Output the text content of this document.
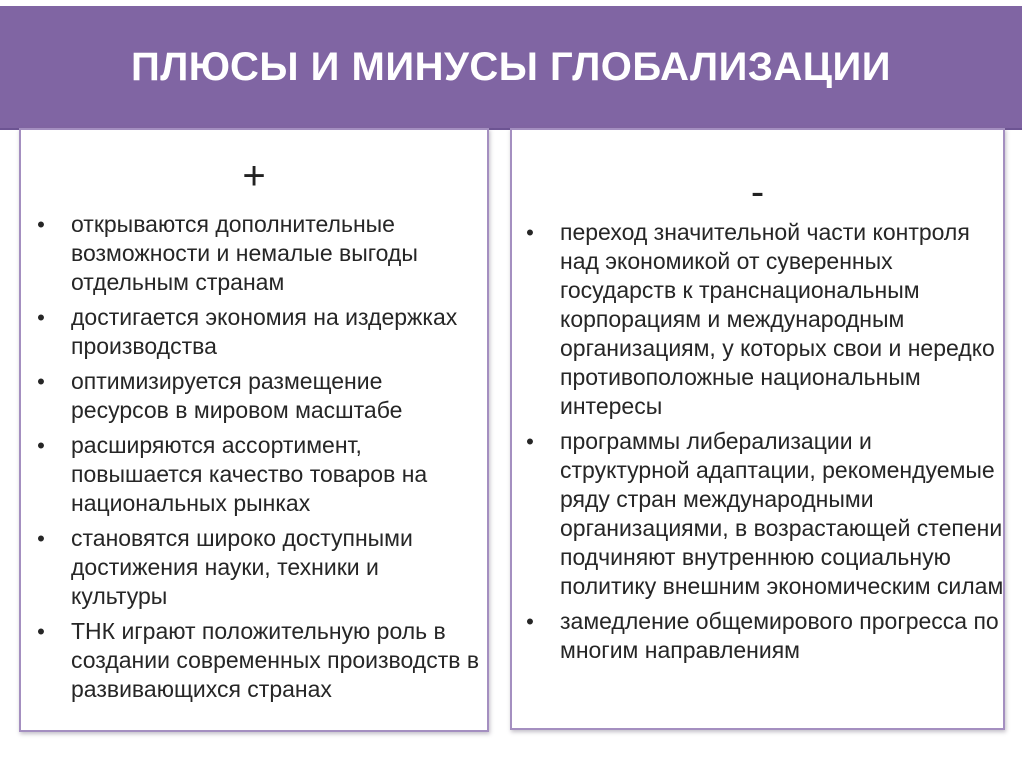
ПЛЮСЫ И МИНУСЫ ГЛОБАЛИЗАЦИИ
+
• открываются дополнительные возможности и немалые выгоды отдельным странам
• достигается экономия на издержках производства
• оптимизируется размещение ресурсов в мировом масштабе
• расширяются ассортимент, повышается качество товаров на национальных рынках
• становятся широко доступными достижения науки, техники и культуры
• ТНК играют положительную роль в создании современных производств в развивающихся странах
-
• переход значительной части контроля над экономикой от суверенных государств к транснациональным корпорациям и международным организациям, у которых свои и нередко противоположные национальным интересы
• программы либерализации и структурной адаптации, рекомендуемые ряду стран международными организациями, в возрастающей степени подчиняют внутреннюю социальную политику внешним экономическим силам
• замедление общемирового прогресса по многим направлениям
